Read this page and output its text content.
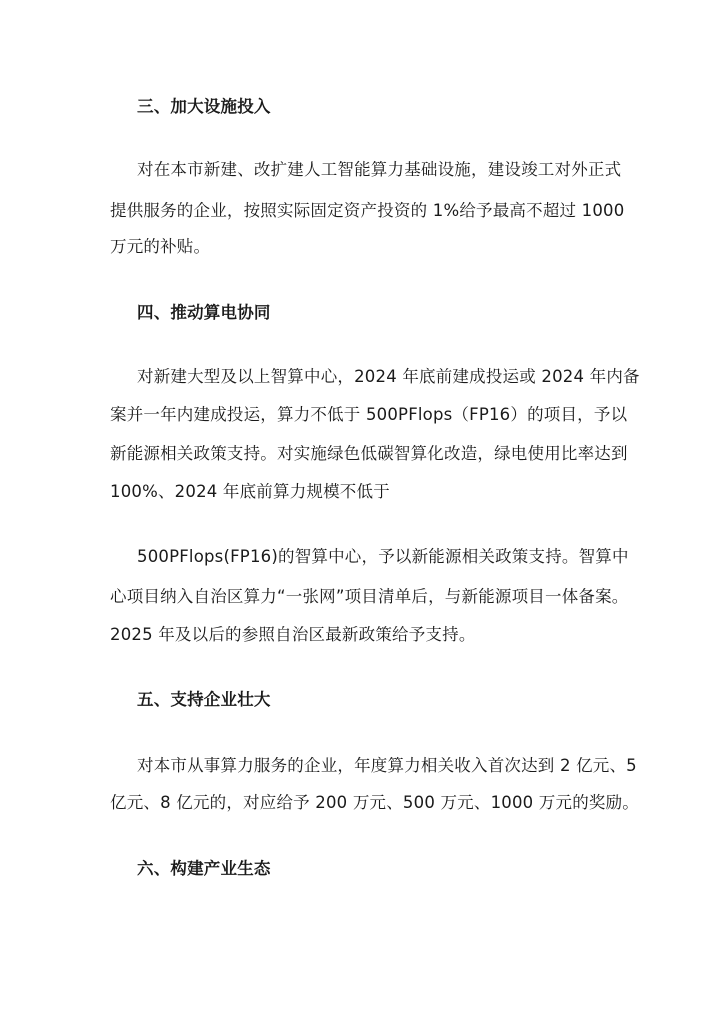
三、加大设施投入
对在本市新建、改扩建人工智能算力基础设施，建设竣工对外正式
提供服务的企业，按照实际固定资产投资的 1%给予最高不超过 1000
万元的补贴。
四、推动算电协同
对新建大型及以上智算中心，2024 年底前建成投运或 2024 年内备
案并一年内建成投运，算力不低于 500PFlops（FP16）的项目，予以
新能源相关政策支持。对实施绿色低碳智算化改造，绿电使用比率达到
100%、2024 年底前算力规模不低于
500PFlops(FP16)的智算中心，予以新能源相关政策支持。智算中
心项目纳入自治区算力“一张网”项目清单后，与新能源项目一体备案。
2025 年及以后的参照自治区最新政策给予支持。
五、支持企业壮大
对本市从事算力服务的企业，年度算力相关收入首次达到 2 亿元、5
亿元、8 亿元的，对应给予 200 万元、500 万元、1000 万元的奖励。
六、构建产业生态
